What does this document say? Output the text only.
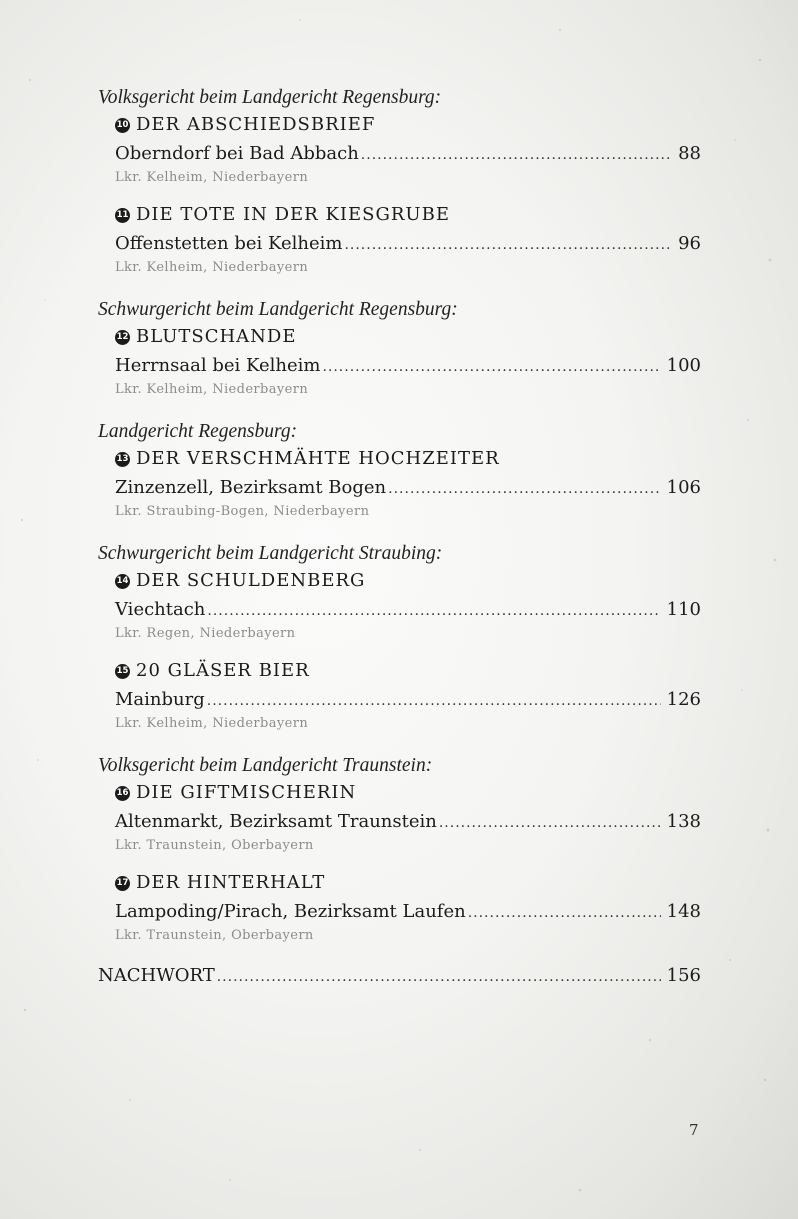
Volksgericht beim Landgericht Regensburg:
10 DER ABSCHIEDSBRIEF
Oberndorf bei Bad Abbach .....	88
Lkr. Kelheim, Niederbayern
11 DIE TOTE IN DER KIESGRUBE
Offenstetten bei Kelheim .....	96
Lkr. Kelheim, Niederbayern
Schwurgericht beim Landgericht Regensburg:
12 BLUTSCHANDE
Herrnsaal bei Kelheim .....	100
Lkr. Kelheim, Niederbayern
Landgericht Regensburg:
13 DER VERSCHMÄHTE HOCHZEITER
Zinzenzell, Bezirksamt Bogen .....	106
Lkr. Straubing-Bogen, Niederbayern
Schwurgericht beim Landgericht Straubing:
14 DER SCHULDENBERG
Viechtach .....	110
Lkr. Regen, Niederbayern
15 20 GLÄSER BIER
Mainburg .....	126
Lkr. Kelheim, Niederbayern
Volksgericht beim Landgericht Traunstein:
16 DIE GIFTMISCHERIN
Altenmarkt, Bezirksamt Traunstein .....	138
Lkr. Traunstein, Oberbayern
17 DER HINTERHALT
Lampoding/Pirach, Bezirksamt Laufen .....	148
Lkr. Traunstein, Oberbayern
NACHWORT .....	156
7
